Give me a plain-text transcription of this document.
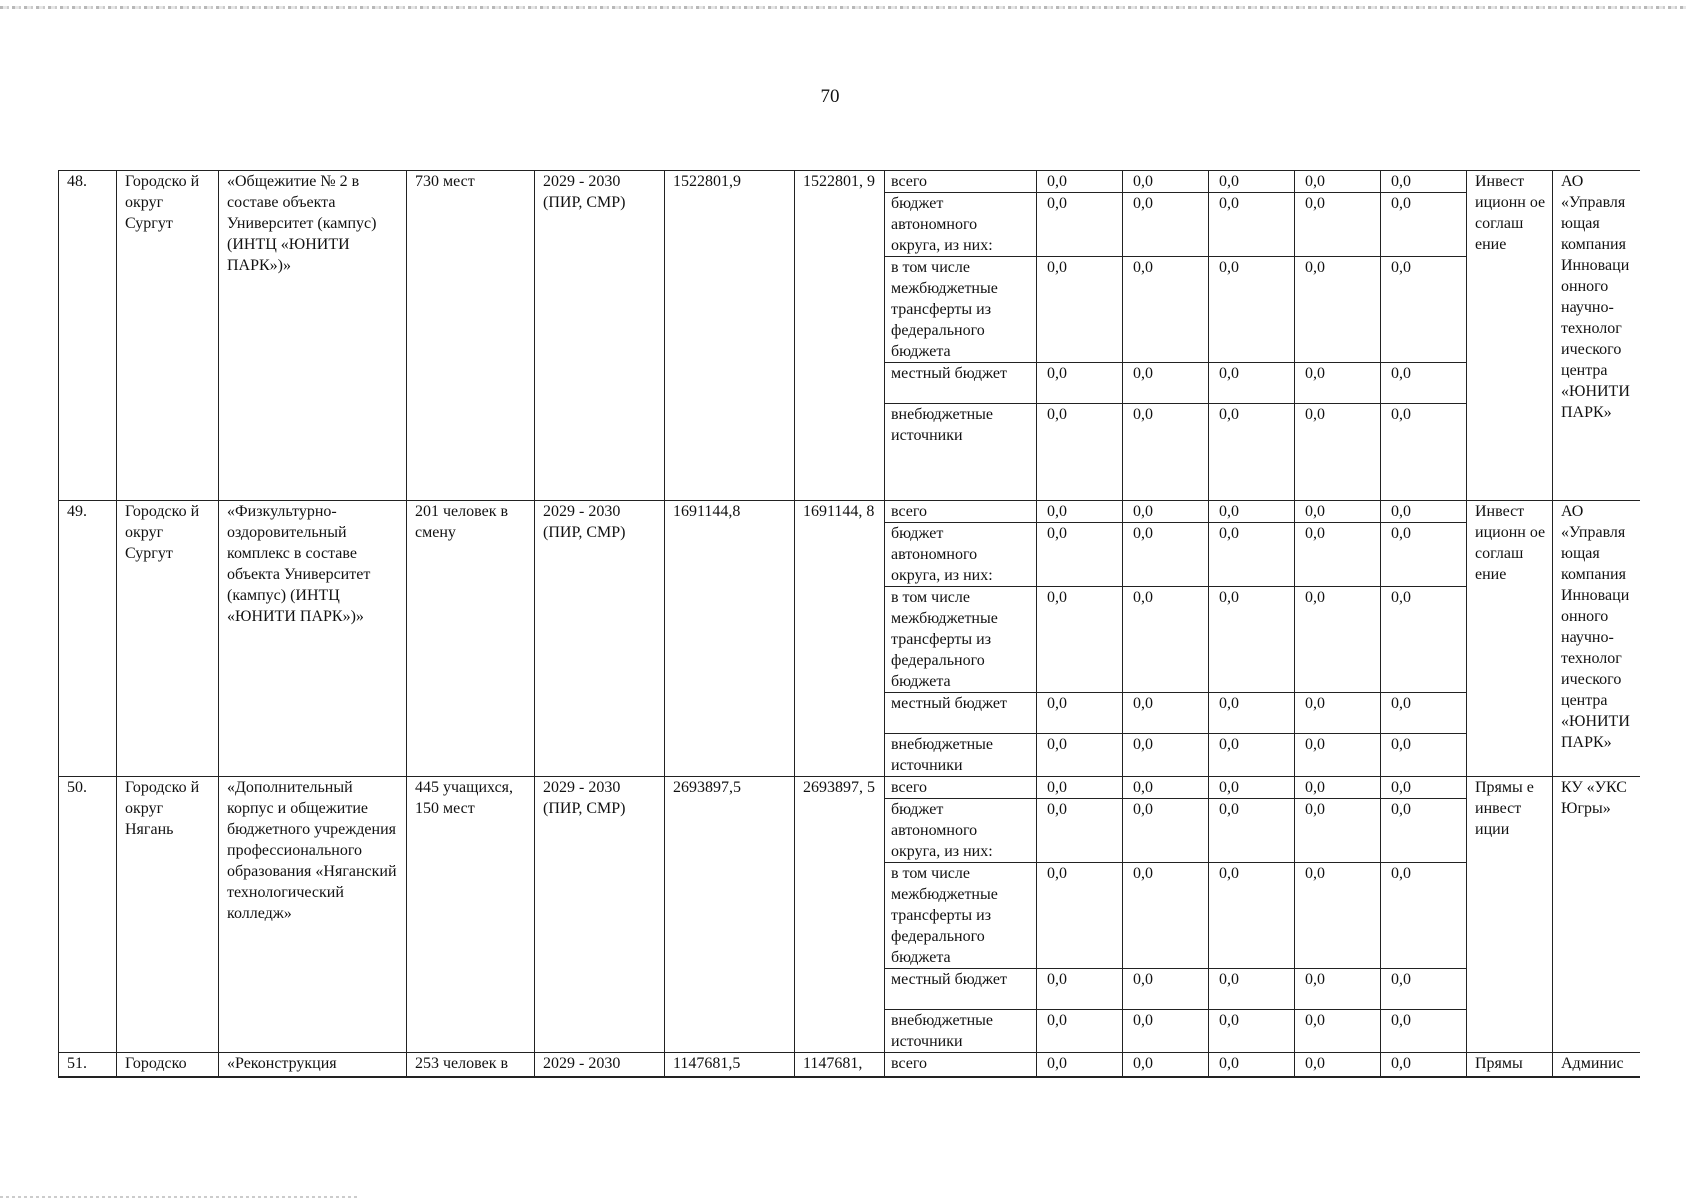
70
48.	Городско й округ Сургут	«Общежитие № 2 в составе объекта Университет (кампус) (ИНТЦ «ЮНИТИ ПАРК»)»	730 мест	2029 - 2030 (ПИР, СМР)	1522801,9	1522801, 9	всего	0,0	0,0	0,0	0,0	0,0	Инвест иционн ое соглаш ение	АО «Управля ющая компания Инноваци онного научно-технолог ического центра «ЮНИТИ ПАРК»
							бюджет автономного округа, из них:	0,0	0,0	0,0	0,0	0,0		
							в том числе межбюджетные трансферты из федерального бюджета	0,0	0,0	0,0	0,0	0,0		
							местный бюджет	0,0	0,0	0,0	0,0	0,0		
							внебюджетные источники	0,0	0,0	0,0	0,0	0,0		
49.	Городско й округ Сургут	«Физкультурно-оздоровительный комплекс в составе объекта Университет (кампус) (ИНТЦ «ЮНИТИ ПАРК»)»	201 человек в смену	2029 - 2030 (ПИР, СМР)	1691144,8	1691144, 8	всего	0,0	0,0	0,0	0,0	0,0	Инвест иционн ое соглаш ение	АО «Управля ющая компания Инноваци онного научно-технолог ического центра «ЮНИТИ ПАРК»
							бюджет автономного округа, из них:	0,0	0,0	0,0	0,0	0,0		
							в том числе межбюджетные трансферты из федерального бюджета	0,0	0,0	0,0	0,0	0,0		
							местный бюджет	0,0	0,0	0,0	0,0	0,0		
							внебюджетные источники	0,0	0,0	0,0	0,0	0,0		
50.	Городско й округ Нягань	«Дополнительный корпус и общежитие бюджетного учреждения профессионального образования «Няганский технологический колледж»	445 учащихся, 150 мест	2029 - 2030 (ПИР, СМР)	2693897,5	2693897, 5	всего	0,0	0,0	0,0	0,0	0,0	Прямы е инвест иции	КУ «УКС Югры»
							бюджет автономного округа, из них:	0,0	0,0	0,0	0,0	0,0		
							в том числе межбюджетные трансферты из федерального бюджета	0,0	0,0	0,0	0,0	0,0		
							местный бюджет	0,0	0,0	0,0	0,0	0,0		
							внебюджетные источники	0,0	0,0	0,0	0,0	0,0		
51.	Городско	«Реконструкция	253 человек в	2029 - 2030	1147681,5	1147681,	всего	0,0	0,0	0,0	0,0	0,0	Прямы	Админис
